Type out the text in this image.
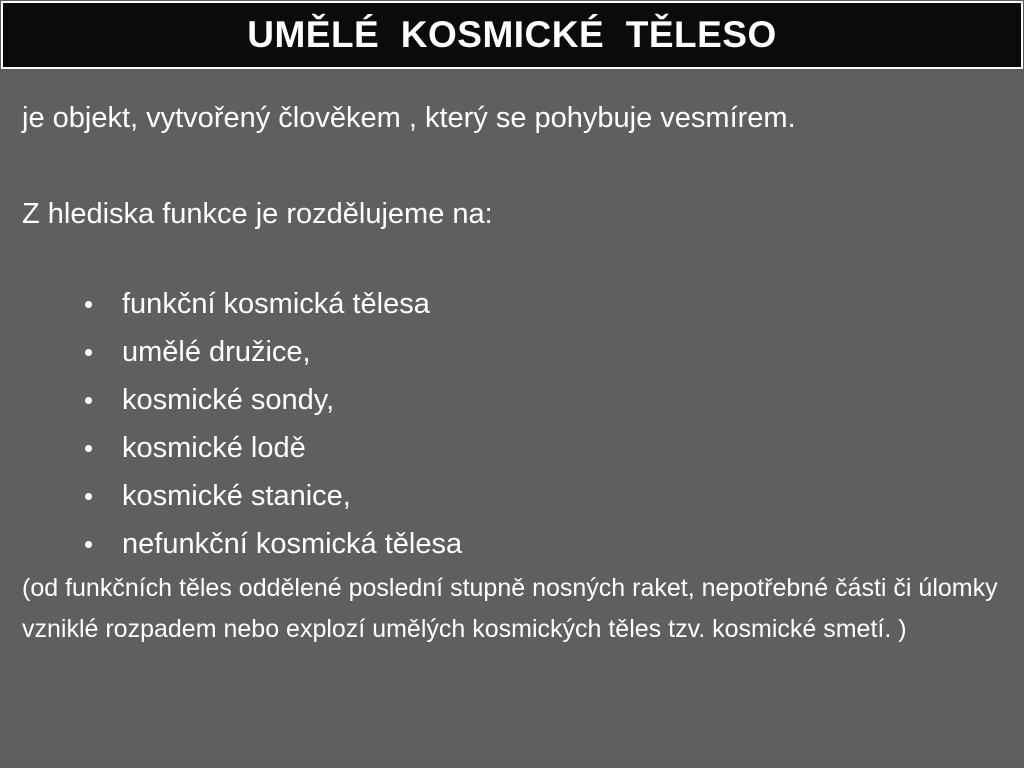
UMĚLÉ  KOSMICKÉ  TĚLESO

je objekt, vytvořený člověkem , který se pohybuje vesmírem.

Z hlediska funkce je rozdělujeme na:

• funkční kosmická tělesa
• umělé družice,
• kosmické sondy,
• kosmické lodě
• kosmické stanice,
• nefunkční kosmická tělesa

(od funkčních těles oddělené poslední stupně nosných raket, nepotřebné části či úlomky vzniklé rozpadem nebo explozí umělých kosmických těles tzv. kosmické smetí. )
